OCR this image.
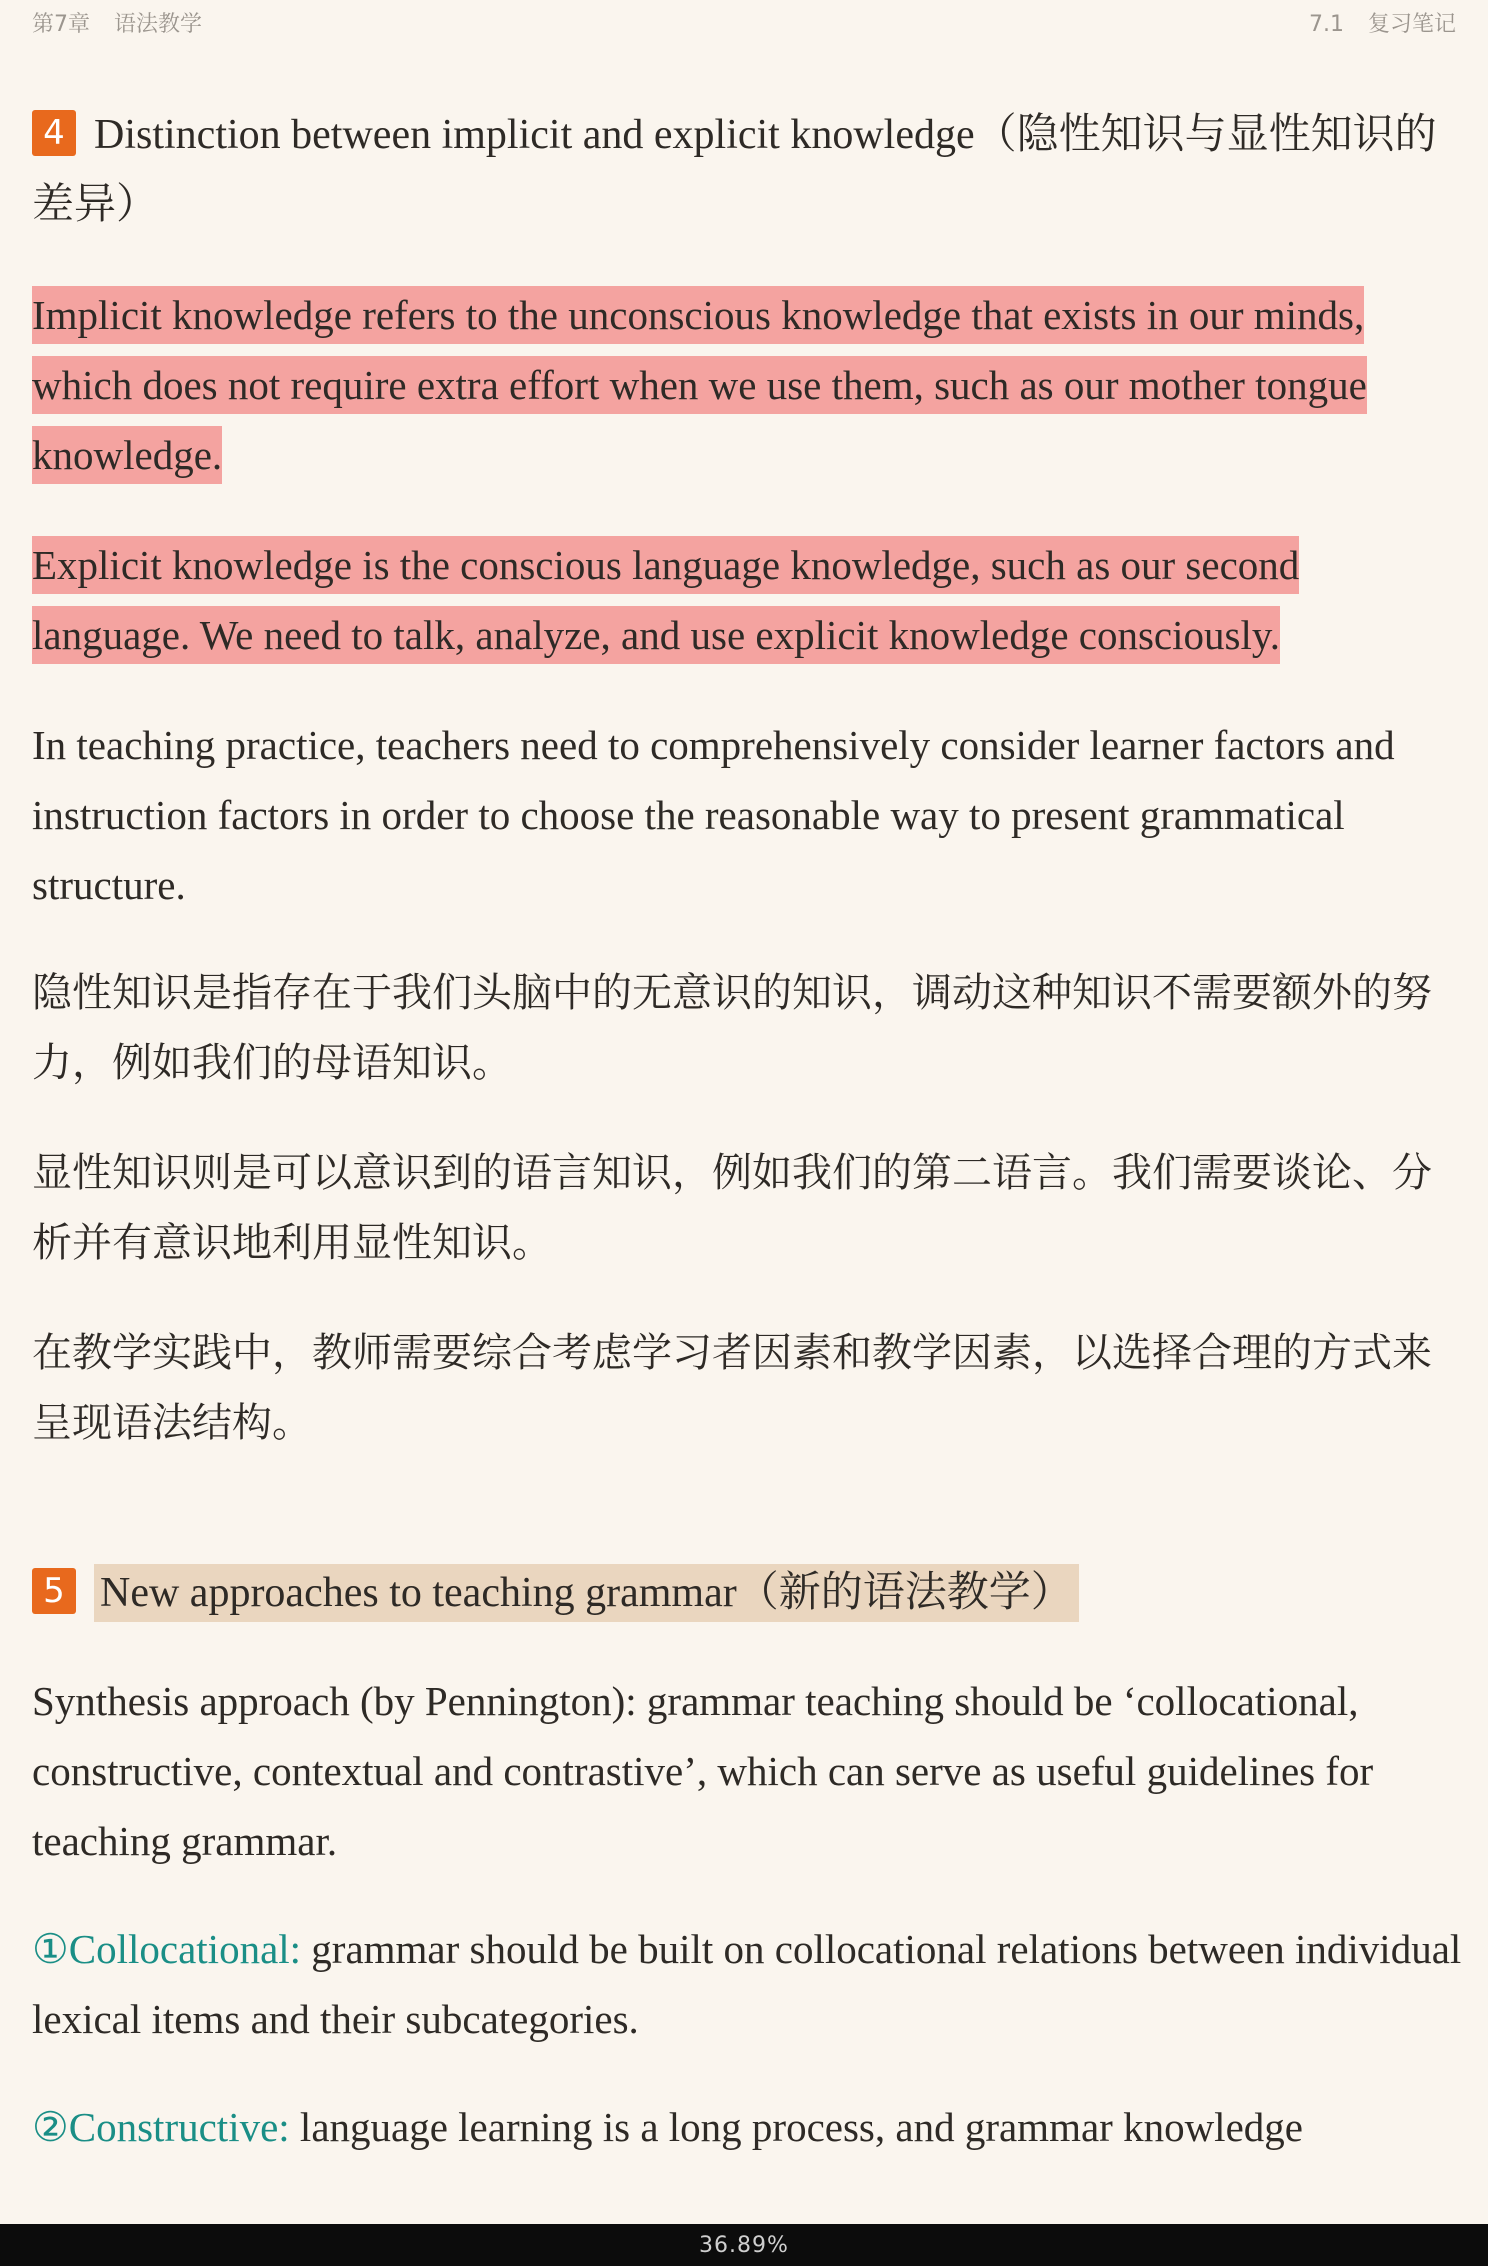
第7章 语法教学	7.1 复习笔记
4 Distinction between implicit and explicit knowledge（隐性知识与显性知识的差异）

Implicit knowledge refers to the unconscious knowledge that exists in our minds, which does not require extra effort when we use them, such as our mother tongue knowledge.

Explicit knowledge is the conscious language knowledge, such as our second language. We need to talk, analyze, and use explicit knowledge consciously.

In teaching practice, teachers need to comprehensively consider learner factors and instruction factors in order to choose the reasonable way to present grammatical structure.

隐性知识是指存在于我们头脑中的无意识的知识，调动这种知识不需要额外的努力，例如我们的母语知识。

显性知识则是可以意识到的语言知识，例如我们的第二语言。我们需要谈论、分析并有意识地利用显性知识。

在教学实践中，教师需要综合考虑学习者因素和教学因素，以选择合理的方式来呈现语法结构。

5 New approaches to teaching grammar（新的语法教学）

Synthesis approach (by Pennington): grammar teaching should be ‘collocational, constructive, contextual and contrastive’, which can serve as useful guidelines for teaching grammar.

①Collocational: grammar should be built on collocational relations between individual lexical items and their subcategories.

②Constructive: language learning is a long process, and grammar knowledge

36.89%
